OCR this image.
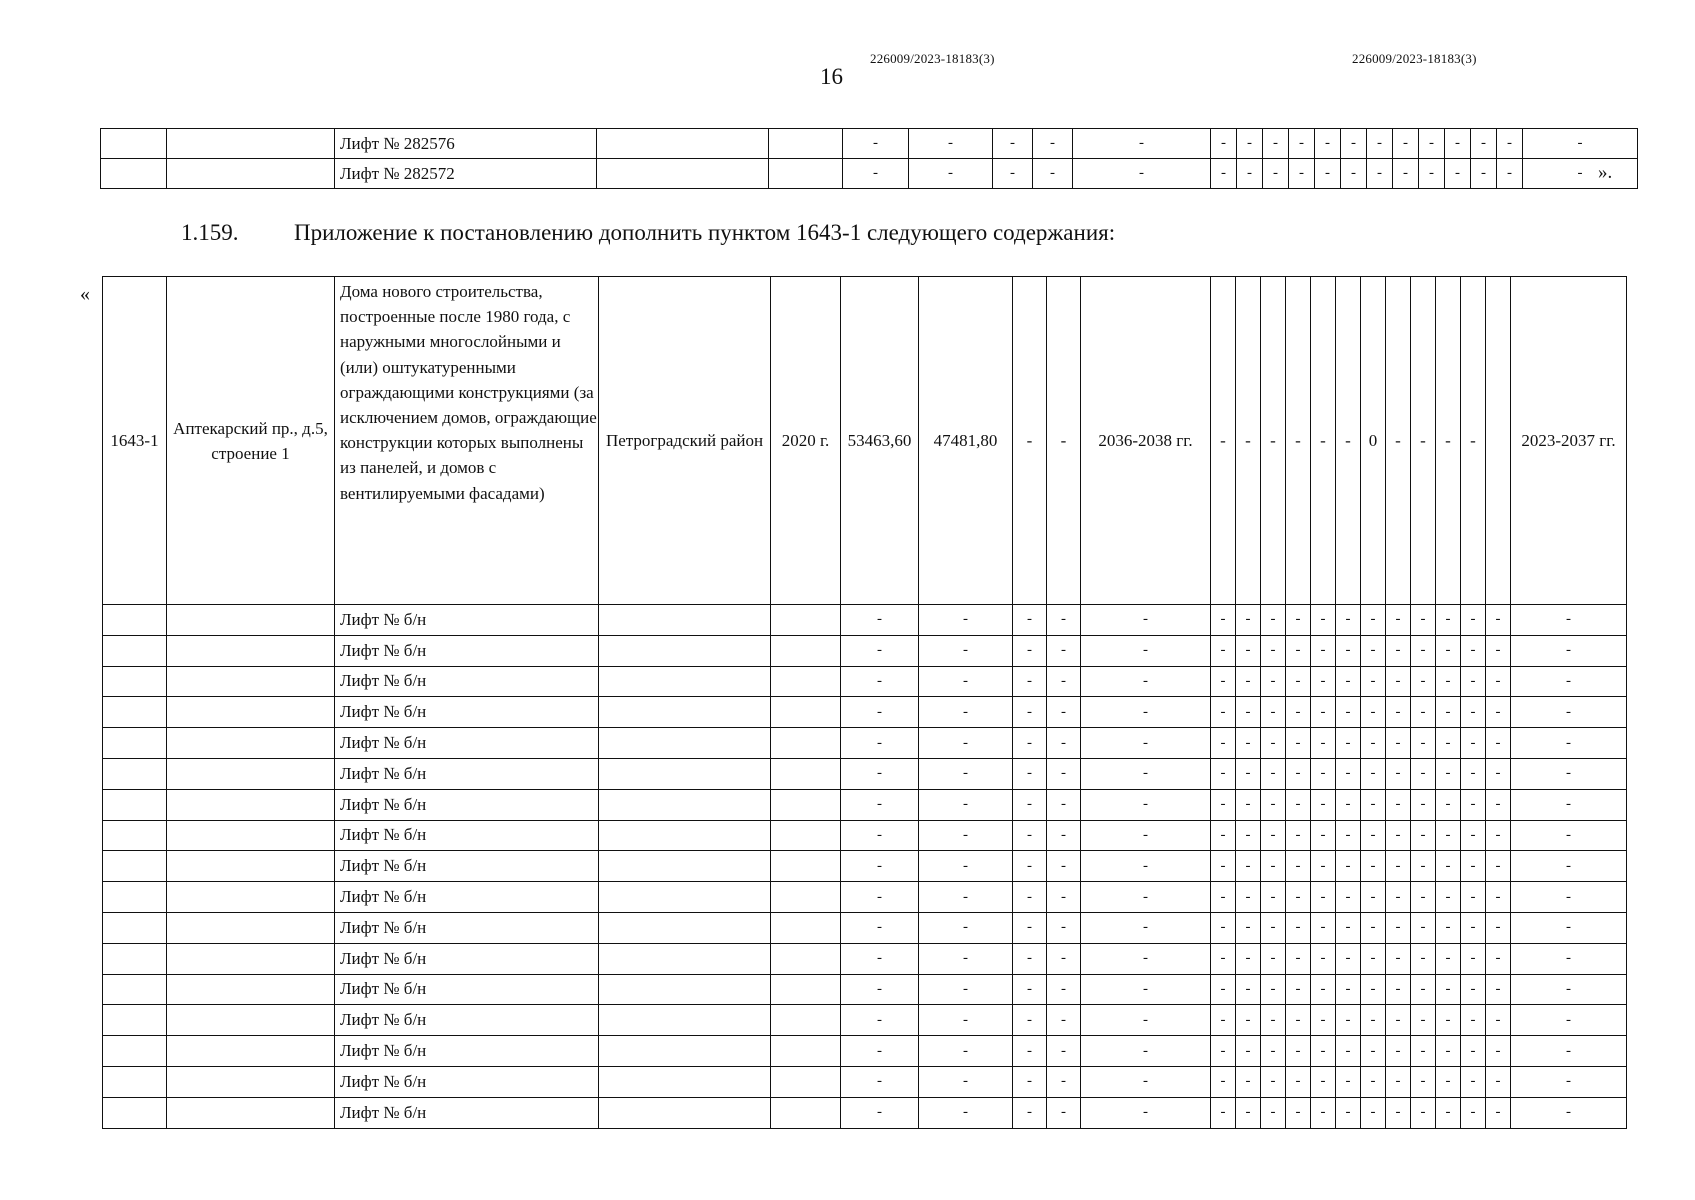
16
226009/2023-18183(3)	226009/2023-18183(3)
		Лифт № 282576			-	-	-	-	-	-	-	-	-	-	-	-	-	-	-	-	-	-
		Лифт № 282572			-	-	-	-	-	-	-	-	-	-	-	-	-	-	-	-	-	- ».
1.159. Приложение к постановлению дополнить пунктом 1643-1 следующего содержания:
«
1643-1	Аптекарский пр., д.5, строение 1	Дома нового строительства, построенные после 1980 года, с наружными многослойными и (или) оштукатуренными ограждающими конструкциями (за исключением домов, ограждающие конструкции которых выполнены из панелей, и домов с вентилируемыми фасадами)	Петроградский район	2020 г.	53463,60	47481,80	-	-	2036-2038 гг.	-	-	-	-	-	-	0	-	-	-	-		2023-2037 гг.
		Лифт № б/н			-	-	-	-	-	-	-	-	-	-	-	-	-	-	-	-	-	-
		Лифт № б/н			-	-	-	-	-	-	-	-	-	-	-	-	-	-	-	-	-	-
		Лифт № б/н			-	-	-	-	-	-	-	-	-	-	-	-	-	-	-	-	-	-
		Лифт № б/н			-	-	-	-	-	-	-	-	-	-	-	-	-	-	-	-	-	-
		Лифт № б/н			-	-	-	-	-	-	-	-	-	-	-	-	-	-	-	-	-	-
		Лифт № б/н			-	-	-	-	-	-	-	-	-	-	-	-	-	-	-	-	-	-
		Лифт № б/н			-	-	-	-	-	-	-	-	-	-	-	-	-	-	-	-	-	-
		Лифт № б/н			-	-	-	-	-	-	-	-	-	-	-	-	-	-	-	-	-	-
		Лифт № б/н			-	-	-	-	-	-	-	-	-	-	-	-	-	-	-	-	-	-
		Лифт № б/н			-	-	-	-	-	-	-	-	-	-	-	-	-	-	-	-	-	-
		Лифт № б/н			-	-	-	-	-	-	-	-	-	-	-	-	-	-	-	-	-	-
		Лифт № б/н			-	-	-	-	-	-	-	-	-	-	-	-	-	-	-	-	-	-
		Лифт № б/н			-	-	-	-	-	-	-	-	-	-	-	-	-	-	-	-	-	-
		Лифт № б/н			-	-	-	-	-	-	-	-	-	-	-	-	-	-	-	-	-	-
		Лифт № б/н			-	-	-	-	-	-	-	-	-	-	-	-	-	-	-	-	-	-
		Лифт № б/н			-	-	-	-	-	-	-	-	-	-	-	-	-	-	-	-	-	-
		Лифт № б/н			-	-	-	-	-	-	-	-	-	-	-	-	-	-	-	-	-	-
